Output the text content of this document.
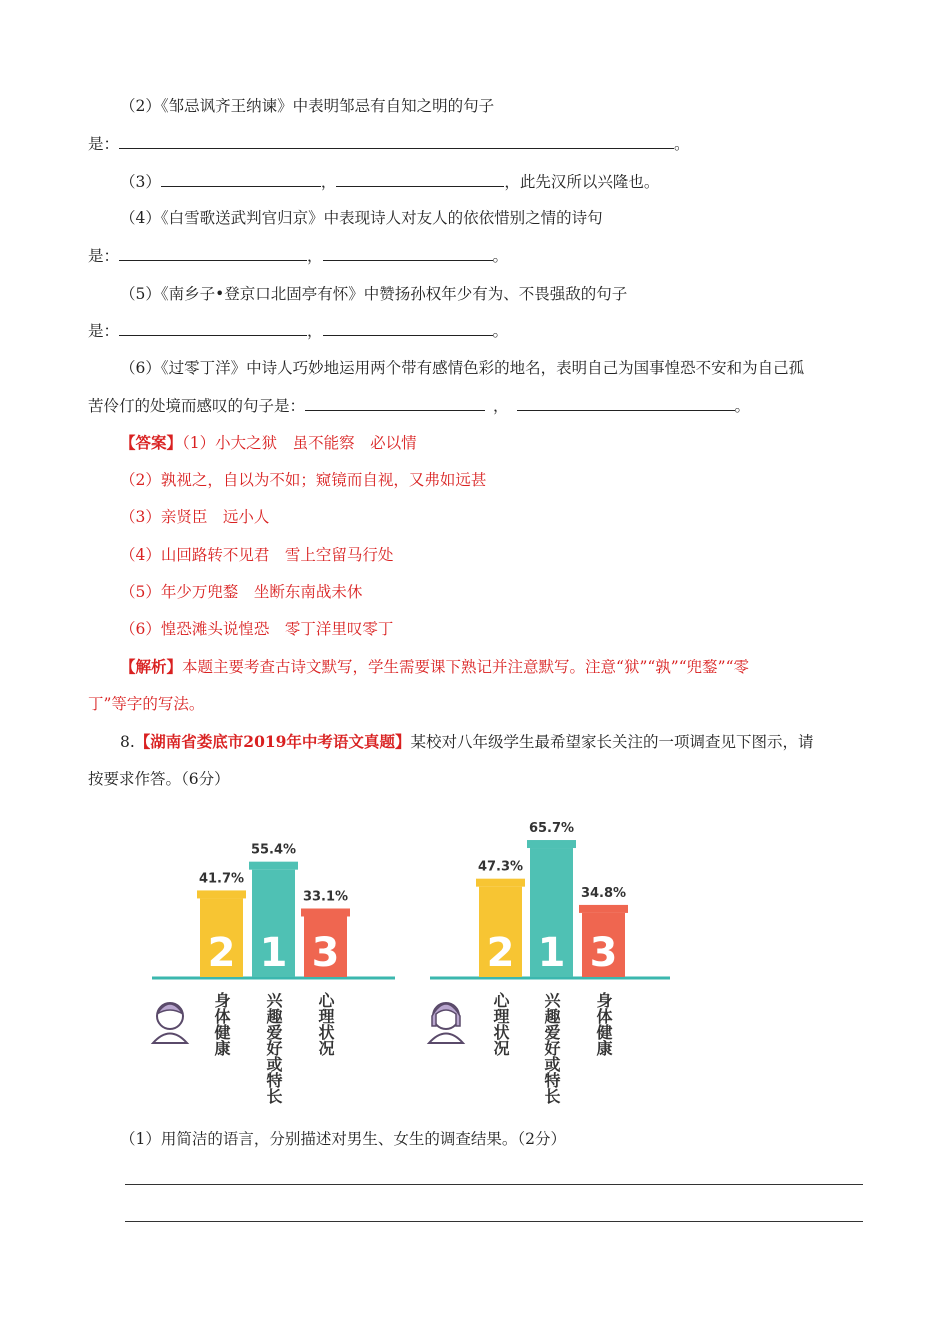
（2）《邹忌讽齐王纳谏》中表明邹忌有自知之明的句子
是：	。
（3）	，	，此先汉所以兴隆也。
（4）《白雪歌送武判官归京》中表现诗人对友人的依依惜别之情的诗句
是：	，	。
（5）《南乡子•登京口北固亭有怀》中赞扬孙权年少有为、不畏强敌的句子
是：	，	。
（6）《过零丁洋》中诗人巧妙地运用两个带有感情色彩的地名，表明自己为国事惶恐不安和为自己孤
苦伶仃的处境而感叹的句子是：	，	。
【答案】（1）小大之狱　虽不能察　必以情
（2）孰视之，自以为不如；窥镜而自视，又弗如远甚
（3）亲贤臣　远小人
（4）山回路转不见君　雪上空留马行处
（5）年少万兜鍪　坐断东南战未休
（6）惶恐滩头说惶恐　零丁洋里叹零丁
【解析】本题主要考查古诗文默写，学生需要课下熟记并注意默写。注意“狱”“孰”“兜鍪”“零
丁”等字的写法。
8.【湖南省娄底市2019年中考语文真题】某校对八年级学生最希望家长关注的一项调查见下图示，请
按要求作答。（6分）
2
41.7%
身体健康
1
55.4%
兴趣爱好或特长
3
33.1%
心理状况
2
47.3%
心理状况
1
65.7%
兴趣爱好或特长
3
34.8%
身体健康
（1）用简洁的语言，分别描述对男生、女生的调查结果。（2分）
